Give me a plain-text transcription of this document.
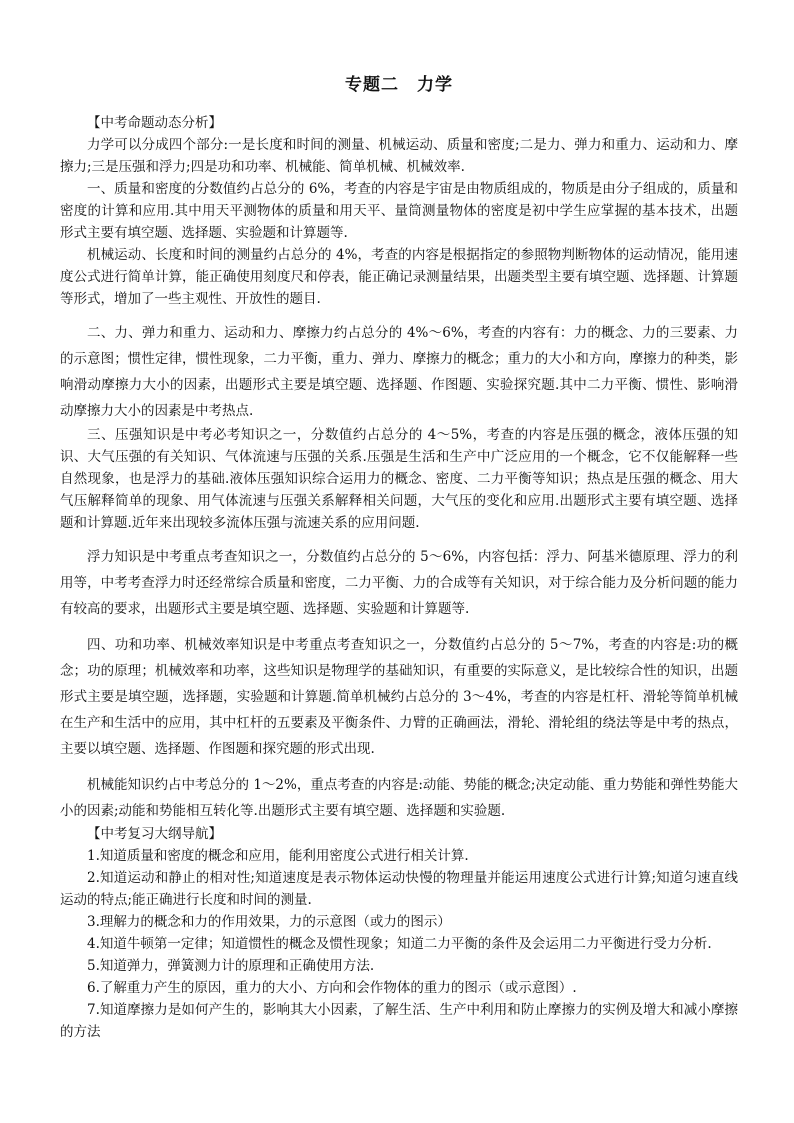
专题二　力学
【中考命题动态分析】

力学可以分成四个部分:一是长度和时间的测量、机械运动、质量和密度;二是力、弹力和重力、运动和力、摩擦力;三是压强和浮力;四是功和功率、机械能、简单机械、机械效率.

一、质量和密度的分数值约占总分的 6%，考查的内容是宇宙是由物质组成的，物质是由分子组成的，质量和密度的计算和应用.其中用天平测物体的质量和用天平、量筒测量物体的密度是初中学生应掌握的基本技术，出题形式主要有填空题、选择题、实验题和计算题等.

机械运动、长度和时间的测量约占总分的 4%，考查的内容是根据指定的参照物判断物体的运动情况，能用速度公式进行简单计算，能正确使用刻度尺和停表，能正确记录测量结果，出题类型主要有填空题、选择题、计算题等形式，增加了一些主观性、开放性的题目.

二、力、弹力和重力、运动和力、摩擦力约占总分的 4%～6%，考查的内容有：力的概念、力的三要素、力的示意图；惯性定律，惯性现象，二力平衡，重力、弹力、摩擦力的概念；重力的大小和方向，摩擦力的种类，影响滑动摩擦力大小的因素，出题形式主要是填空题、选择题、作图题、实验探究题.其中二力平衡、惯性、影响滑动摩擦力大小的因素是中考热点.

三、压强知识是中考必考知识之一，分数值约占总分的 4～5%，考查的内容是压强的概念，液体压强的知识、大气压强的有关知识、气体流速与压强的关系.压强是生活和生产中广泛应用的一个概念，它不仅能解释一些自然现象，也是浮力的基础.液体压强知识综合运用力的概念、密度、二力平衡等知识；热点是压强的概念、用大气压解释简单的现象、用气体流速与压强关系解释相关问题，大气压的变化和应用.出题形式主要有填空题、选择题和计算题.近年来出现较多流体压强与流速关系的应用问题.

浮力知识是中考重点考查知识之一，分数值约占总分的 5～6%，内容包括：浮力、阿基米德原理、浮力的利用等，中考考查浮力时还经常综合质量和密度，二力平衡、力的合成等有关知识，对于综合能力及分析问题的能力有较高的要求，出题形式主要是填空题、选择题、实验题和计算题等.

四、功和功率、机械效率知识是中考重点考查知识之一，分数值约占总分的 5～7%，考查的内容是:功的概念；功的原理；机械效率和功率，这些知识是物理学的基础知识，有重要的实际意义，是比较综合性的知识，出题形式主要是填空题，选择题，实验题和计算题.简单机械约占总分的 3～4%，考查的内容是杠杆、滑轮等简单机械在生产和生活中的应用，其中杠杆的五要素及平衡条件、力臂的正确画法，滑轮、滑轮组的绕法等是中考的热点，主要以填空题、选择题、作图题和探究题的形式出现.

机械能知识约占中考总分的 1～2%，重点考查的内容是:动能、势能的概念;决定动能、重力势能和弹性势能大小的因素;动能和势能相互转化等.出题形式主要有填空题、选择题和实验题.

【中考复习大纲导航】
1.知道质量和密度的概念和应用，能利用密度公式进行相关计算.
2.知道运动和静止的相对性;知道速度是表示物体运动快慢的物理量并能运用速度公式进行计算;知道匀速直线运动的特点;能正确进行长度和时间的测量.
3.理解力的概念和力的作用效果，力的示意图（或力的图示）
4.知道牛顿第一定律；知道惯性的概念及惯性现象；知道二力平衡的条件及会运用二力平衡进行受力分析.
5.知道弹力，弹簧测力计的原理和正确使用方法.
6.了解重力产生的原因，重力的大小、方向和会作物体的重力的图示（或示意图）.
7.知道摩擦力是如何产生的，影响其大小因素，了解生活、生产中利用和防止摩擦力的实例及增大和减小摩擦的方法
